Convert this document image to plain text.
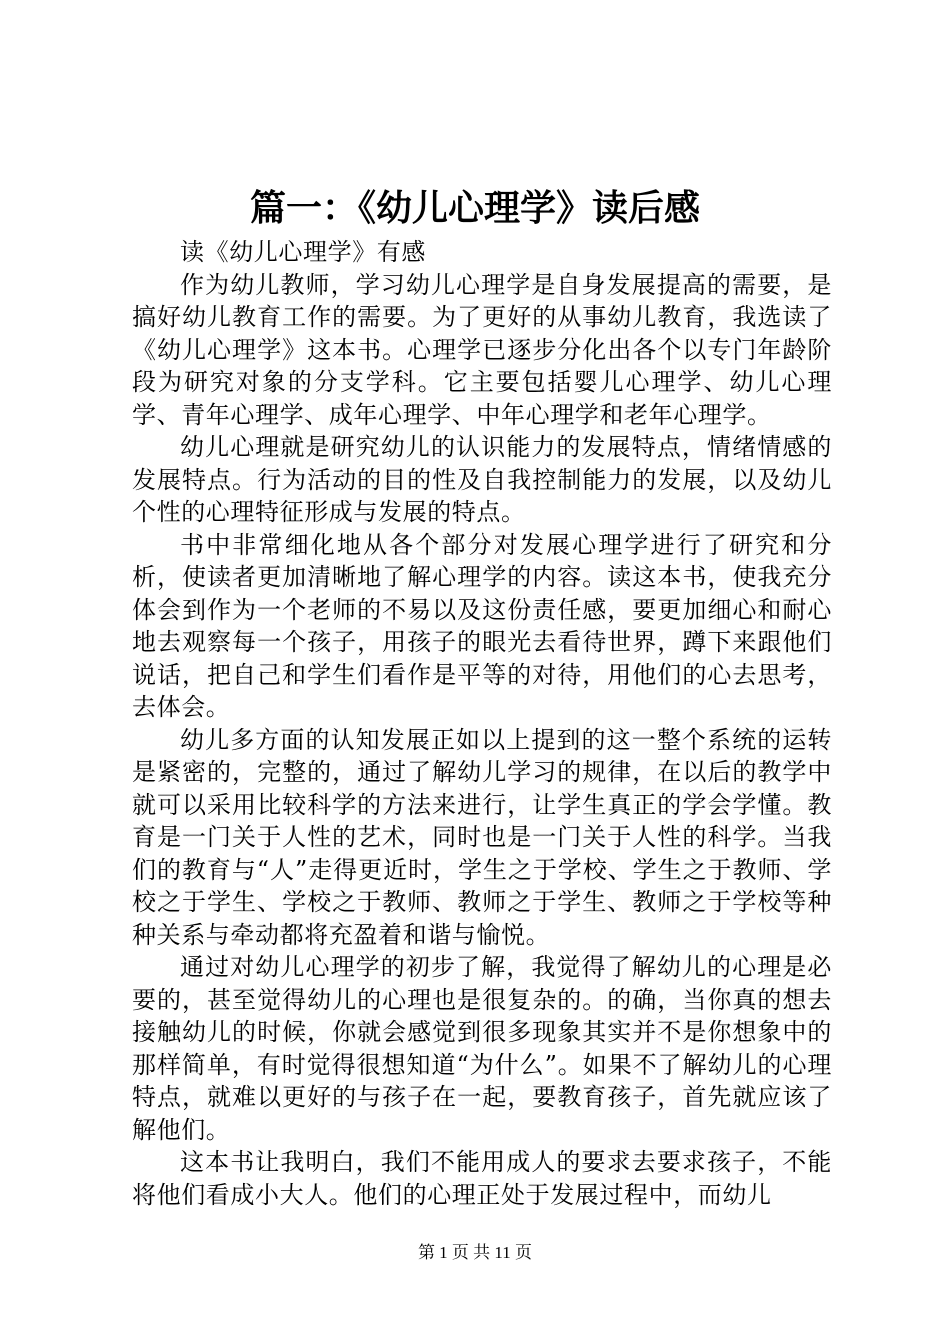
篇一：《幼儿心理学》读后感

读《幼儿心理学》有感

作为幼儿教师，学习幼儿心理学是自身发展提高的需要，是搞好幼儿教育工作的需要。为了更好的从事幼儿教育，我选读了《幼儿心理学》这本书。心理学已逐步分化出各个以专门年龄阶段为研究对象的分支学科。它主要包括婴儿心理学、幼儿心理学、青年心理学、成年心理学、中年心理学和老年心理学。

幼儿心理就是研究幼儿的认识能力的发展特点，情绪情感的发展特点。行为活动的目的性及自我控制能力的发展，以及幼儿个性的心理特征形成与发展的特点。

书中非常细化地从各个部分对发展心理学进行了研究和分析，使读者更加清晰地了解心理学的内容。读这本书，使我充分体会到作为一个老师的不易以及这份责任感，要更加细心和耐心地去观察每一个孩子，用孩子的眼光去看待世界，蹲下来跟他们说话，把自己和学生们看作是平等的对待，用他们的心去思考，去体会。

幼儿多方面的认知发展正如以上提到的这一整个系统的运转是紧密的，完整的，通过了解幼儿学习的规律，在以后的教学中就可以采用比较科学的方法来进行，让学生真正的学会学懂。教育是一门关于人性的艺术，同时也是一门关于人性的科学。当我们的教育与“人”走得更近时，学生之于学校、学生之于教师、学校之于学生、学校之于教师、教师之于学生、教师之于学校等种种关系与牵动都将充盈着和谐与愉悦。

通过对幼儿心理学的初步了解，我觉得了解幼儿的心理是必要的，甚至觉得幼儿的心理也是很复杂的。的确，当你真的想去接触幼儿的时候，你就会感觉到很多现象其实并不是你想象中的那样简单，有时觉得很想知道“为什么”。如果不了解幼儿的心理特点，就难以更好的与孩子在一起，要教育孩子，首先就应该了解他们。

这本书让我明白，我们不能用成人的要求去要求孩子，不能将他们看成小大人。他们的心理正处于发展过程中，而幼儿

第 1 页 共 11 页
